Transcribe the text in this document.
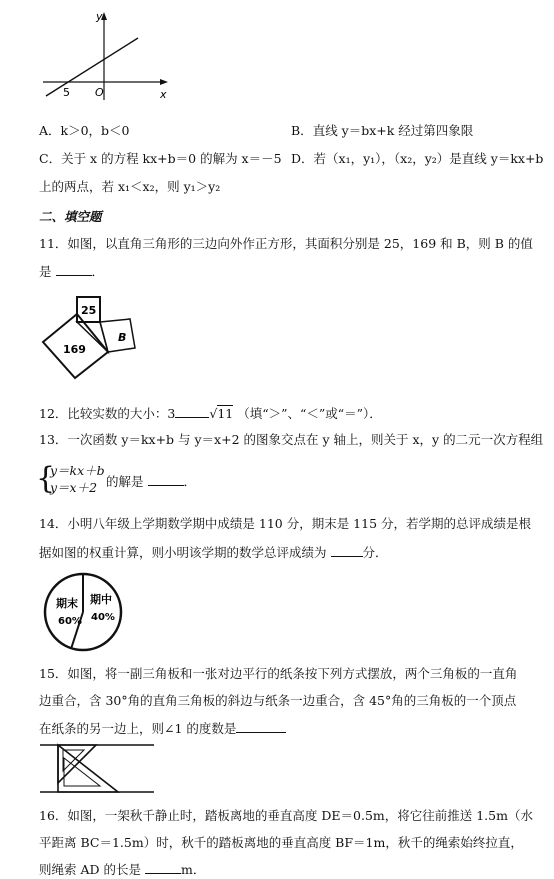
y
x
O
5
A．k＞0，b＜0	B．直线 y＝bx+k 经过第四象限
C．关于 x 的方程 kx+b＝0 的解为 x＝－5 D．若（x₁，y₁），（x₂，y₂）是直线 y＝kx+b
上的两点，若 x₁＜x₂，则 y₁＞y₂
二、填空题
11．如图，以直角三角形的三边向外作正方形，其面积分别是 25，169 和 B，则 B 的值
是	．
25
169
B
12．比较实数的大小：3	√11 （填“＞”、“＜”或“＝”）．
13．一次函数 y＝kx+b 与 y＝x+2 的图象交点在 y 轴上，则关于 x，y 的二元一次方程组
{
y＝kx＋b
y＝x＋2 的解是	．
14．小明八年级上学期数学期中成绩是 110 分，期末是 115 分，若学期的总评成绩是根
据如图的权重计算，则小明该学期的数学总评成绩为	分．
期末
60%
期中
40%
15．如图，将一副三角板和一张对边平行的纸条按下列方式摆放，两个三角板的一直角
边重合，含 30°角的直角三角板的斜边与纸条一边重合，含 45°角的三角板的一个顶点
在纸条的另一边上，则∠1 的度数是
16．如图，一架秋千静止时，踏板离地的垂直高度 DE＝0.5m，将它往前推送 1.5m（水
平距离 BC＝1.5m）时，秋千的踏板离地的垂直高度 BF＝1m，秋千的绳索始终拉直，
则绳索 AD 的长是	m．
